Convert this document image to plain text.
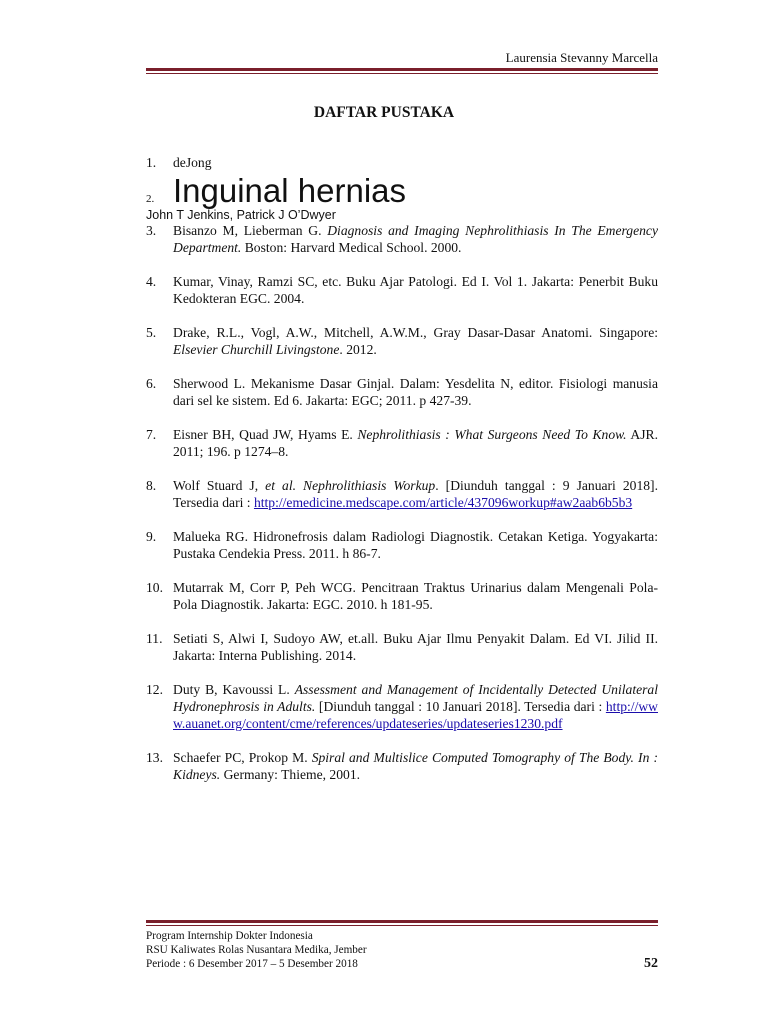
Laurensia Stevanny Marcella
DAFTAR PUSTAKA
1.	deJong
2. Inguinal hernias
John T Jenkins, Patrick J O’Dwyer
3.	Bisanzo M, Lieberman G. Diagnosis and Imaging Nephrolithiasis In The Emergency Department. Boston: Harvard Medical School. 2000.
4.	Kumar, Vinay, Ramzi SC, etc. Buku Ajar Patologi. Ed I. Vol 1. Jakarta: Penerbit Buku Kedokteran EGC. 2004.
5.	Drake, R.L., Vogl, A.W., Mitchell, A.W.M., Gray Dasar-Dasar Anatomi. Singapore: Elsevier Churchill Livingstone. 2012.
6.	Sherwood L. Mekanisme Dasar Ginjal. Dalam: Yesdelita N, editor. Fisiologi manusia dari sel ke sistem. Ed 6. Jakarta: EGC; 2011. p 427-39.
7.	Eisner BH, Quad JW, Hyams E. Nephrolithiasis : What Surgeons Need To Know. AJR. 2011; 196. p 1274–8.
8.	Wolf Stuard J, et al. Nephrolithiasis Workup. [Diunduh tanggal : 9 Januari 2018]. Tersedia dari : http://emedicine.medscape.com/article/437096workup#aw2aab6b5b3
9.	Malueka RG. Hidronefrosis dalam Radiologi Diagnostik. Cetakan Ketiga. Yogyakarta: Pustaka Cendekia Press. 2011. h 86-7.
10. Mutarrak M, Corr P, Peh WCG. Pencitraan Traktus Urinarius dalam Mengenali Pola-Pola Diagnostik. Jakarta: EGC. 2010. h 181-95.
11. Setiati S, Alwi I, Sudoyo AW, et.all. Buku Ajar Ilmu Penyakit Dalam. Ed VI. Jilid II. Jakarta: Interna Publishing. 2014.
12. Duty B, Kavoussi L. Assessment and Management of Incidentally Detected Unilateral Hydronephrosis in Adults. [Diunduh tanggal : 10 Januari 2018]. Tersedia dari : http://www.auanet.org/content/cme/references/updateseries/updateseries1230.pdf
13. Schaefer PC, Prokop M. Spiral and Multislice Computed Tomography of The Body. In : Kidneys. Germany: Thieme, 2001.
Program Internship Dokter Indonesia
RSU Kaliwates Rolas Nusantara Medika, Jember
Periode : 6 Desember 2017 – 5 Desember 2018	52
